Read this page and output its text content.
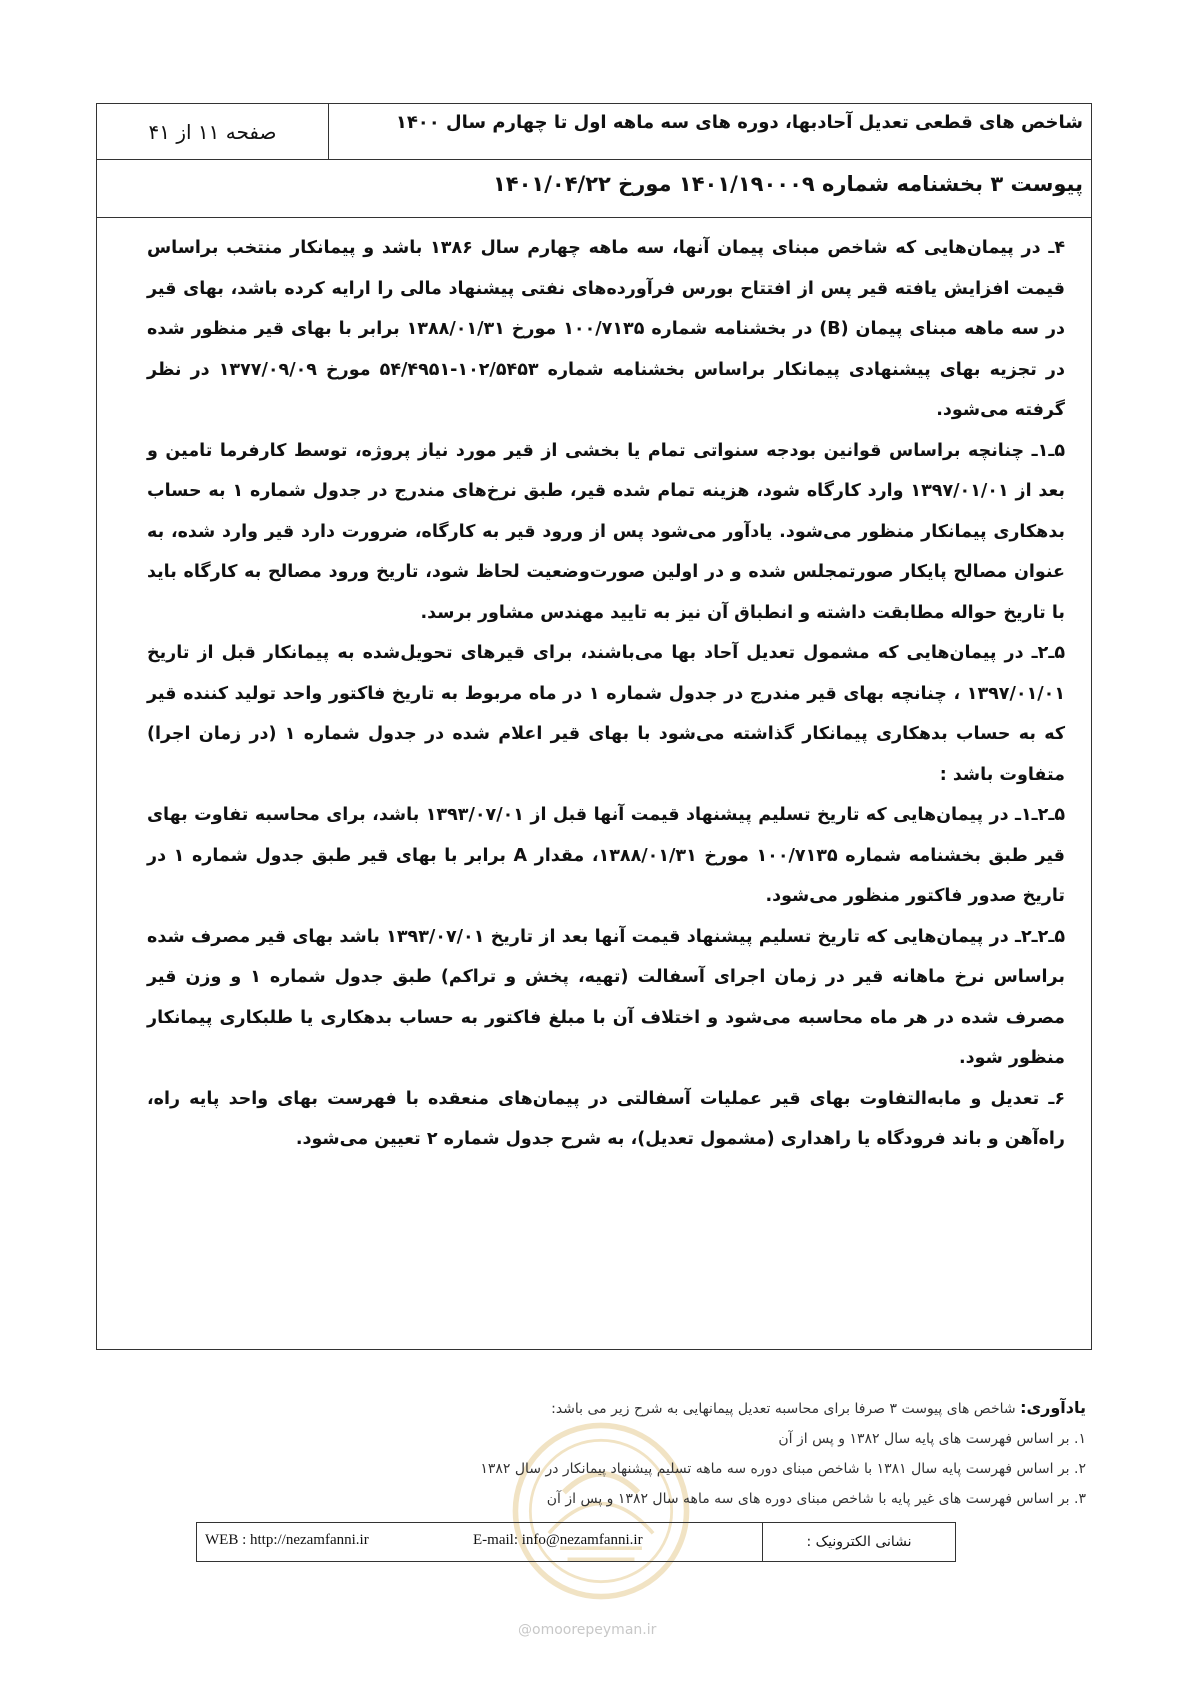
شاخص های قطعی تعدیل آحادبها، دوره های سه ماهه اول تا چهارم سال ۱۴۰۰
صفحه ۱۱ از ۴۱
پیوست ۳ بخشنامه شماره ۱۴۰۱/۱۹۰۰۰۹ مورخ ۱۴۰۱/۰۴/۲۲

۴ـ در پیمان‌هایی که شاخص مبنای پیمان آنها، سه ماهه چهارم سال ۱۳۸۶ باشد و پیمانکار منتخب براساس قیمت افزایش یافته قیر پس از افتتاح بورس فرآورده‌های نفتی پیشنهاد مالی را ارایه کرده باشد، بهای قیر در سه ماهه مبنای پیمان (B) در بخشنامه شماره ۱۰۰/۷۱۳۵ مورخ ۱۳۸۸/۰۱/۳۱ برابر با بهای قیر منظور شده در تجزیه بهای پیشنهادی پیمانکار براساس بخشنامه شماره ۱۰۲/۵۴۵۳-۵۴/۴۹۵۱ مورخ ۱۳۷۷/۰۹/۰۹ در نظر گرفته می‌شود.

۵ـ۱ـ چنانچه براساس قوانین بودجه سنواتی تمام یا بخشی از قیر مورد نیاز پروژه، توسط کارفرما تامین و بعد از ۱۳۹۷/۰۱/۰۱ وارد کارگاه شود، هزینه تمام شده قیر، طبق نرخ‌های مندرج در جدول شماره ۱ به حساب بدهکاری پیمانکار منظور می‌شود. یادآور می‌شود پس از ورود قیر به کارگاه، ضرورت دارد قیر وارد شده، به عنوان مصالح پایکار صورتمجلس شده و در اولین صورت‌وضعیت لحاظ شود، تاریخ ورود مصالح به کارگاه باید با تاریخ حواله مطابقت داشته و انطباق آن نیز به تایید مهندس مشاور برسد.

۵ـ۲ـ در پیمان‌هایی که مشمول تعدیل آحاد بها می‌باشند، برای قیرهای تحویل‌شده به پیمانکار قبل از تاریخ ۱۳۹۷/۰۱/۰۱ ، چنانچه بهای قیر مندرج در جدول شماره ۱ در ماه مربوط به تاریخ فاکتور واحد تولید کننده قیر که به حساب بدهکاری پیمانکار گذاشته می‌شود با بهای قیر اعلام شده در جدول شماره ۱ (در زمان اجرا) متفاوت باشد :

۵ـ۲ـ۱ـ در پیمان‌هایی که تاریخ تسلیم پیشنهاد قیمت آنها قبل از ۱۳۹۳/۰۷/۰۱ باشد، برای محاسبه تفاوت بهای قیر طبق بخشنامه شماره ۱۰۰/۷۱۳۵ مورخ ۱۳۸۸/۰۱/۳۱، مقدار A برابر با بهای قیر طبق جدول شماره ۱ در تاریخ صدور فاکتور منظور می‌شود.

۵ـ۲ـ۲ـ در پیمان‌هایی که تاریخ تسلیم پیشنهاد قیمت آنها بعد از تاریخ ۱۳۹۳/۰۷/۰۱ باشد بهای قیر مصرف شده براساس نرخ ماهانه قیر در زمان اجرای آسفالت (تهیه، پخش و تراکم) طبق جدول شماره ۱ و وزن قیر مصرف شده در هر ماه محاسبه می‌شود و اختلاف آن با مبلغ فاکتور به حساب بدهکاری یا طلبکاری پیمانکار منظور شود.

۶ـ تعدیل و مابه‌التفاوت بهای قیر عملیات آسفالتی در پیمان‌های منعقده با فهرست بهای واحد پایه راه، راه‌آهن و باند فرودگاه یا راهداری (مشمول تعدیل)، به شرح جدول شماره ۲ تعیین می‌شود.

یادآوری: شاخص های پیوست ۳ صرفا برای محاسبه تعدیل پیمانهایی به شرح زیر می باشد:
۱. بر اساس فهرست های پایه سال ۱۳۸۲ و پس از آن
۲. بر اساس فهرست پایه سال ۱۳۸۱ با شاخص مبنای دوره سه ماهه تسلیم پیشنهاد پیمانکار در سال ۱۳۸۲
۳. بر اساس فهرست های غیر پایه با شاخص مبنای دوره های سه ماهه سال ۱۳۸۲ و پس از آن
نشانی الکترونیک :
E-mail: info@nezamfanni.ir
WEB : http://nezamfanni.ir
@omoorepeyman.ir
